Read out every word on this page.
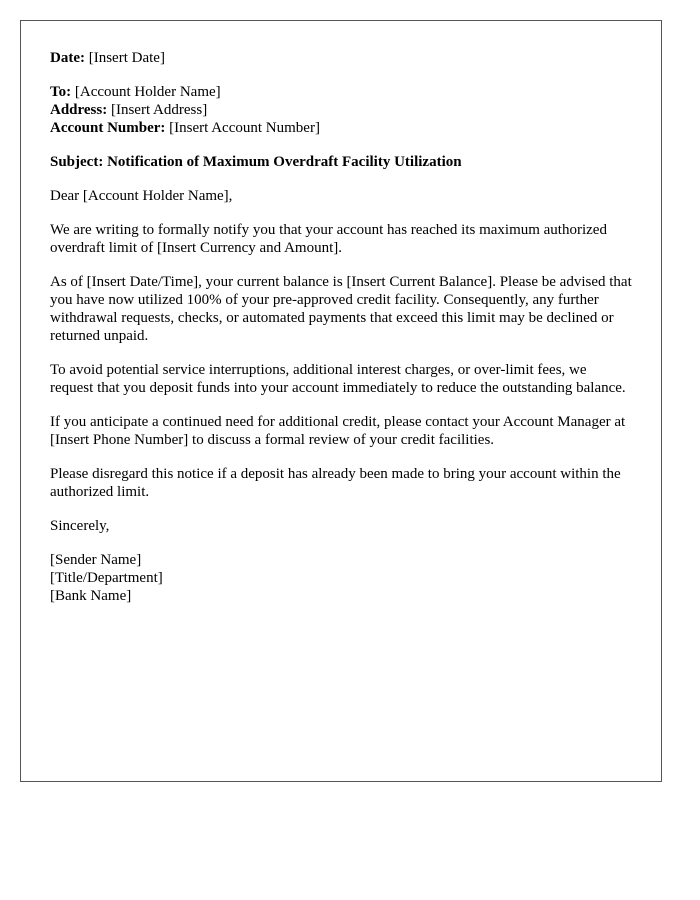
Date: [Insert Date]
To: [Account Holder Name]
Address: [Insert Address]
Account Number: [Insert Account Number]
Subject: Notification of Maximum Overdraft Facility Utilization
Dear [Account Holder Name],

We are writing to formally notify you that your account has reached its maximum authorized overdraft limit of [Insert Currency and Amount].

As of [Insert Date/Time], your current balance is [Insert Current Balance]. Please be advised that you have now utilized 100% of your pre-approved credit facility. Consequently, any further withdrawal requests, checks, or automated payments that exceed this limit may be declined or returned unpaid.

To avoid potential service interruptions, additional interest charges, or over-limit fees, we request that you deposit funds into your account immediately to reduce the outstanding balance.

If you anticipate a continued need for additional credit, please contact your Account Manager at [Insert Phone Number] to discuss a formal review of your credit facilities.

Please disregard this notice if a deposit has already been made to bring your account within the authorized limit.

Sincerely,
[Sender Name]
[Title/Department]
[Bank Name]
